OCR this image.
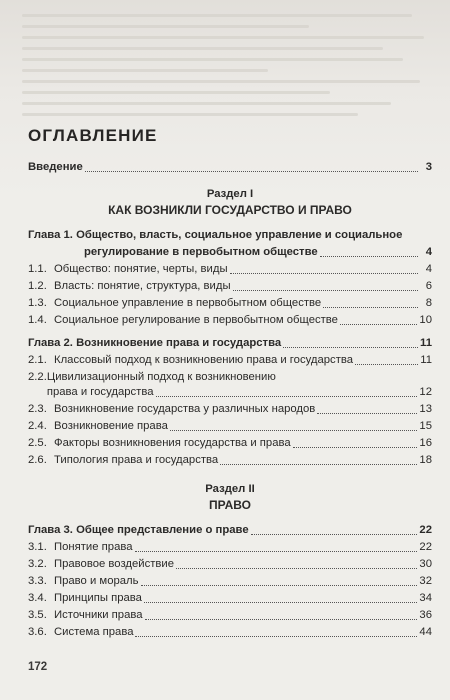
ОГЛАВЛЕНИЕ
Введение	3
Раздел I
КАК ВОЗНИКЛИ ГОСУДАРСТВО И ПРАВО
Глава 1. Общество, власть, социальное управление и социальное
регулирование в первобытном обществе	4
1.1. Общество: понятие, черты, виды	4
1.2. Власть: понятие, структура, виды	6
1.3. Социальное управление в первобытном обществе	8
1.4. Социальное регулирование в первобытном обществе	10
Глава 2. Возникновение права и государства	11
2.1. Классовый подход к возникновению права и государства	11
2.2. Цивилизационный подход к возникновению
права и государства	12
2.3. Возникновение государства у различных народов	13
2.4. Возникновение права	15
2.5. Факторы возникновения государства и права	16
2.6. Типология права и государства	18
Раздел II
ПРАВО
Глава 3. Общее представление о праве	22
3.1. Понятие права	22
3.2. Правовое воздействие	30
3.3. Право и мораль	32
3.4. Принципы права	34
3.5. Источники права	36
3.6. Система права	44
172
